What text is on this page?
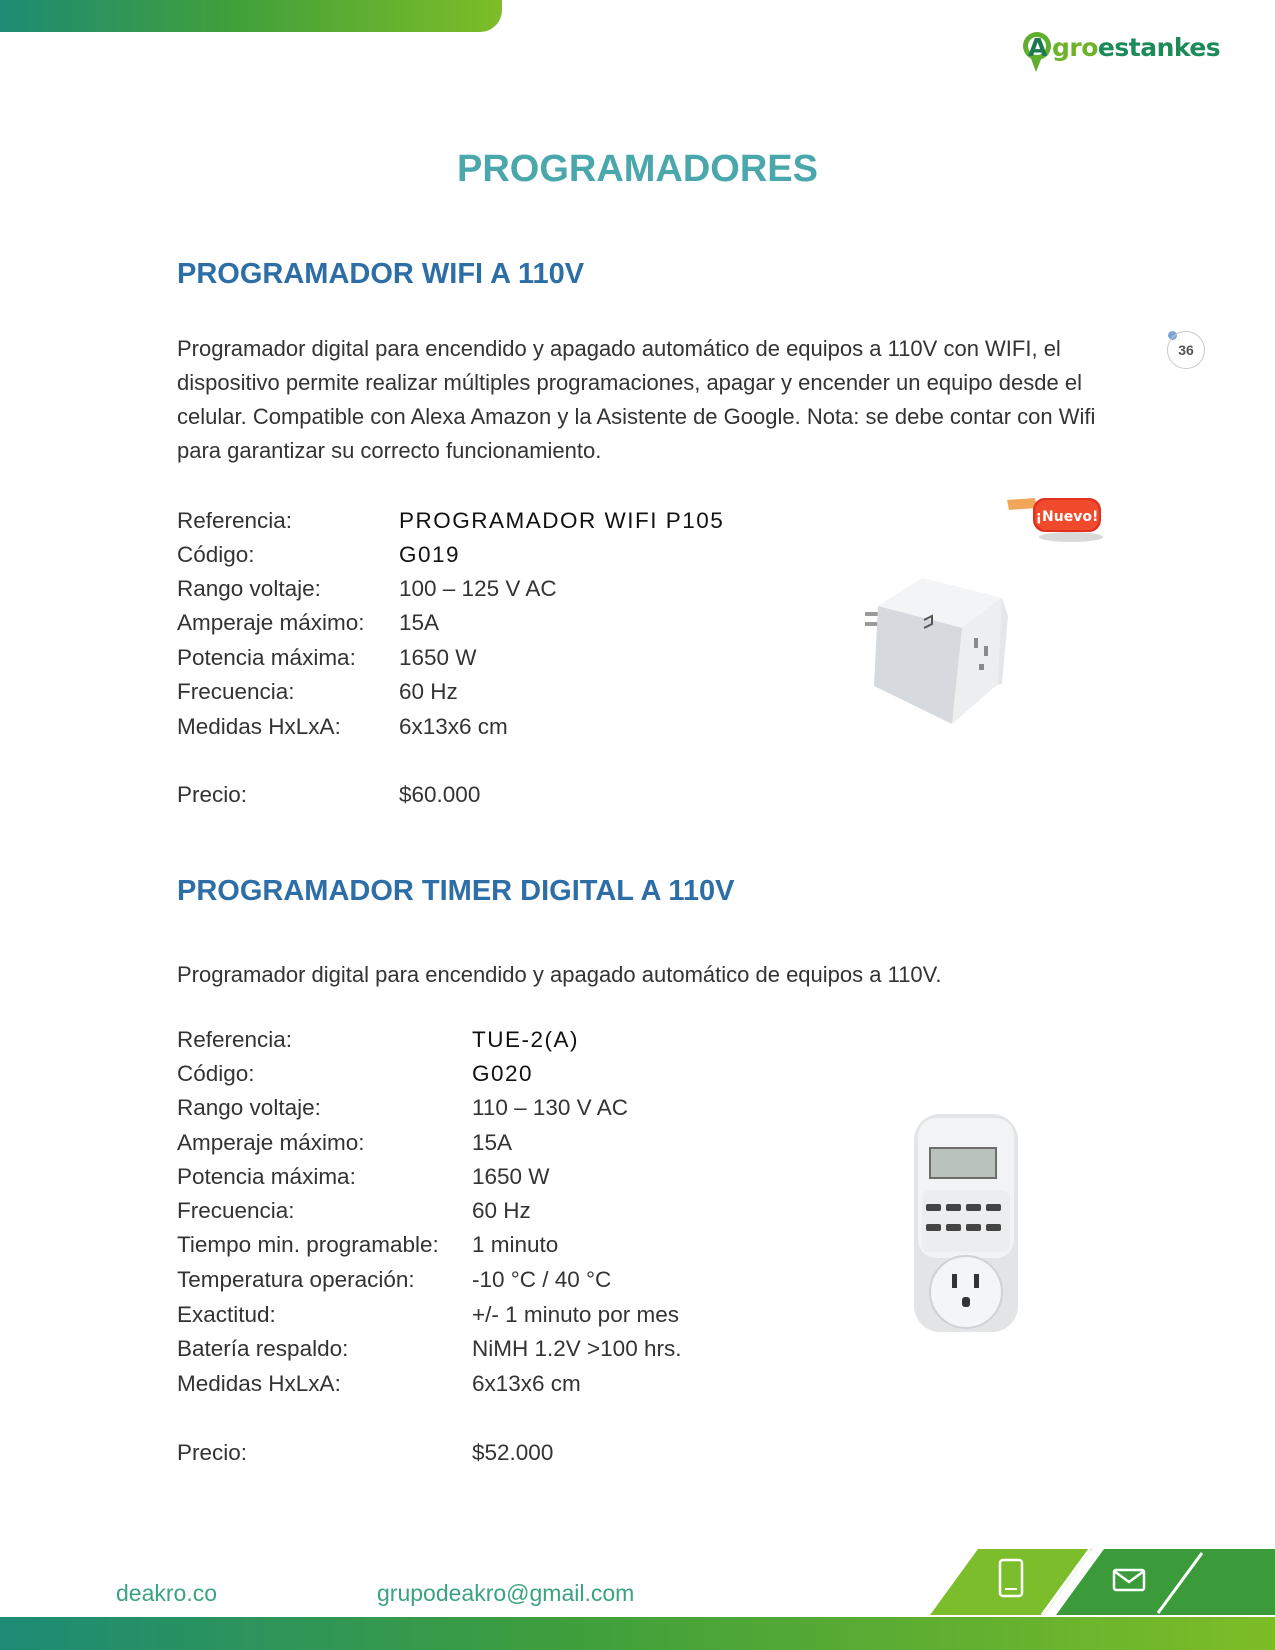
A groestankes
PROGRAMADORES
36
PROGRAMADOR WIFI A 110V

Programador digital para encendido y apagado automático de equipos a 110V con WIFI, el dispositivo permite realizar múltiples programaciones, apagar y encender un equipo desde el celular. Compatible con Alexa Amazon y la Asistente de Google. Nota: se debe contar con Wifi para garantizar su correcto funcionamiento.

Referencia:	PROGRAMADOR WIFI P105
Código:	G019
Rango voltaje:	100 – 125 V AC
Amperaje máximo: 15A
Potencia máxima: 1650 W
Frecuencia:	60 Hz
Medidas HxLxA:	6x13x6 cm
Precio:	$60.000
¡Nuevo!
PROGRAMADOR TIMER DIGITAL A 110V

Programador digital para encendido y apagado automático de equipos a 110V.

Referencia:	TUE-2(A)
Código:	G020
Rango voltaje:	110 – 130 V AC
Amperaje máximo:	15A
Potencia máxima:	1650 W
Frecuencia:	60 Hz
Tiempo min. programable: 1 minuto
Temperatura operación:	-10 °C / 40 °C
Exactitud:	+/- 1 minuto por mes
Batería respaldo:	NiMH 1.2V >100 hrs.
Medidas HxLxA:	6x13x6 cm
Precio:	$52.000
deakro.co	grupodeakro@gmail.com
